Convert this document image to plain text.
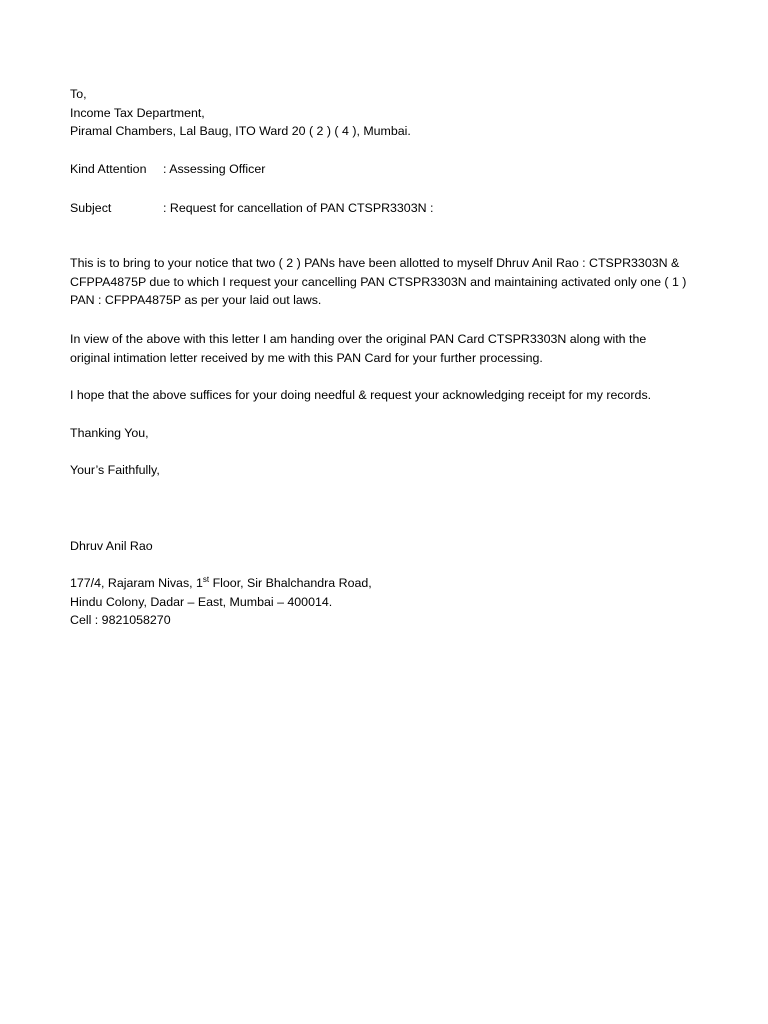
To,
Income Tax Department,
Piramal Chambers, Lal Baug, ITO Ward 20 ( 2 ) ( 4 ), Mumbai.
Kind Attention : Assessing Officer
Subject	: Request for cancellation of PAN CTSPR3303N :
This is to bring to your notice that two ( 2 ) PANs have been allotted to myself Dhruv Anil Rao : CTSPR3303N &
CFPPA4875P due to which I request your cancelling PAN CTSPR3303N and maintaining activated only one ( 1 )
PAN : CFPPA4875P as per your laid out laws.
In view of the above with this letter I am handing over the original PAN Card CTSPR3303N along with the
original intimation letter received by me with this PAN Card for your further processing.
I hope that the above suffices for your doing needful & request your acknowledging receipt for my records.
Thanking You,
Your’s Faithfully,
Dhruv Anil Rao
177/4, Rajaram Nivas, 1st Floor, Sir Bhalchandra Road,
Hindu Colony, Dadar – East, Mumbai – 400014.
Cell : 9821058270
